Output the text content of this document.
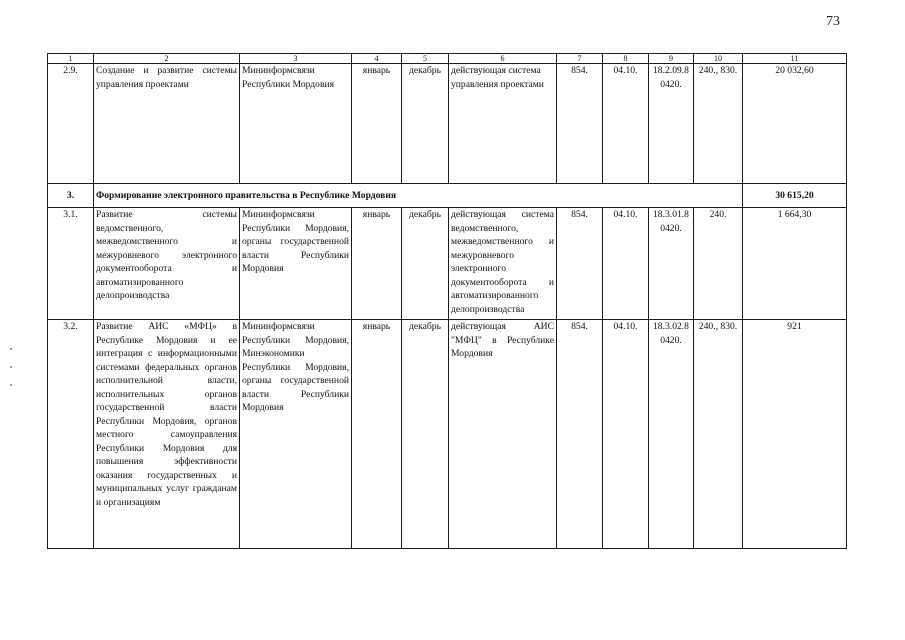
73
1	2	3	4	5	6	7	8	9	10	11
2.9.	Создание и развитие системы управления проектами	Мининформсвязи Республики Мордовия	январь	декабрь	действующая система управления проектами	854.	04.10.	18.2.09.8 0420.	240., 830.	20 032,60
3.	Формирование электронного правительства в Республике Мордовия									30 615,20
3.1.	Развитие системы ведомственного, межведомственного и межуровневого электронного документооборота и автоматизированного делопроизводства	Мининформсвязи Республики Мордовия, органы государственной власти Республики Мордовия	январь	декабрь	действующая система ведомственного, межведомственного и межуровневого электронного документооборота и автоматизированного делопроизводства	854.	04.10.	18.3.01.8 0420.	240.	1 664,30
3.2.	Развитие АИС «МФЦ» в Республике Мордовия и ее интеграция с информационными системами федеральных органов исполнительной власти, исполнительных органов государственной власти Республики Мордовия, органов местного самоуправления Республики Мордовия для повышения эффективности оказания государственных и муниципальных услуг гражданам и организациям	Мининформсвязи Республики Мордовия, Минэкономики Республики Мордовия, органы государственной власти Республики Мордовия	январь	декабрь	действующая АИС "МФЦ" в Республике Мордовия	854.	04.10.	18.3.02.8 0420.	240., 830.	921
